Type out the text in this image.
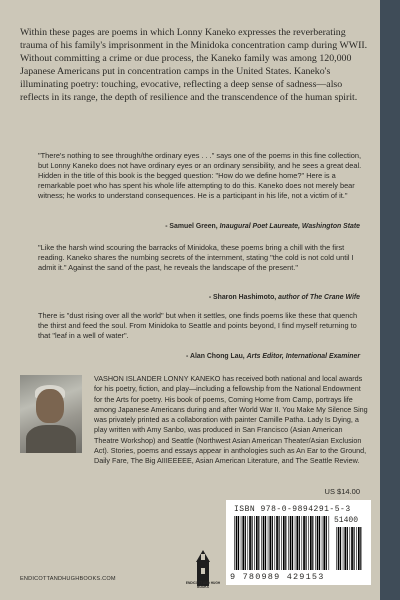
Within these pages are poems in which Lonny Kaneko expresses the reverberating trauma of his family's imprisonment in the Minidoka concentration camp during WWII. Without committing a crime or due process, the Kaneko family was among 120,000 Japanese Americans put in concentration camps in the United States. Kaneko's illuminating poetry: touching, evocative, reflecting a deep sense of sadness—also reflects in its range, the depth of resilience and the transcendence of the human spirit.

"There's nothing to see through/the ordinary eyes . . ." says one of the poems in this fine collection, but Lonny Kaneko does not have ordinary eyes or an ordinary sensibility, and he sees a great deal. Hidden in the title of this book is the begged question: "How do we define home?" Here is a remarkable poet who has spent his whole life attempting to do this. Kaneko does not merely bear witness; he works to understand consequences. He is a participant in his life, not a victim of it."

- Samuel Green, Inaugural Poet Laureate, Washington State

"Like the harsh wind scouring the barracks of Minidoka, these poems bring a chill with the first reading. Kaneko shares the numbing secrets of the internment, stating "the cold is not cold until I admit it." Against the sand of the past, he reveals the landscape of the present."

- Sharon Hashimoto, author of The Crane Wife

There is "dust rising over all the world" but when it settles, one finds poems like these that quench the thirst and feed the soul. From Minidoka to Seattle and points beyond, I find myself returning to that "leaf in a well of water".

- Alan Chong Lau, Arts Editor, International Examiner

VASHON ISLANDER LONNY KANEKO has received both national and local awards for his poetry, fiction, and play—including a fellowship from the National Endowment for the Arts for poetry. His book of poems, Coming Home from Camp, portrays life among Japanese Americans during and after World War II. You Make My Silence Sing was privately printed as a collaboration with painter Camille Patha. Lady Is Dying, a play written with Amy Sanbo, was produced in San Francisco (Asian American Theatre Workshop) and Seattle (Northwest Asian American Theater/Asian Exclusion Act). Stories, poems and essays appear in anthologies such as An Ear to the Ground, Daily Fare, The Big AIIIEEEEE, Asian American Literature, and The Seattle Review.

US $14.00
ISBN 978-0-9894291-5-3
51400
9 780989 429153
ENDICOTT AND HUGH BOOKS
ENDICOTTANDHUGHBOOKS.COM
